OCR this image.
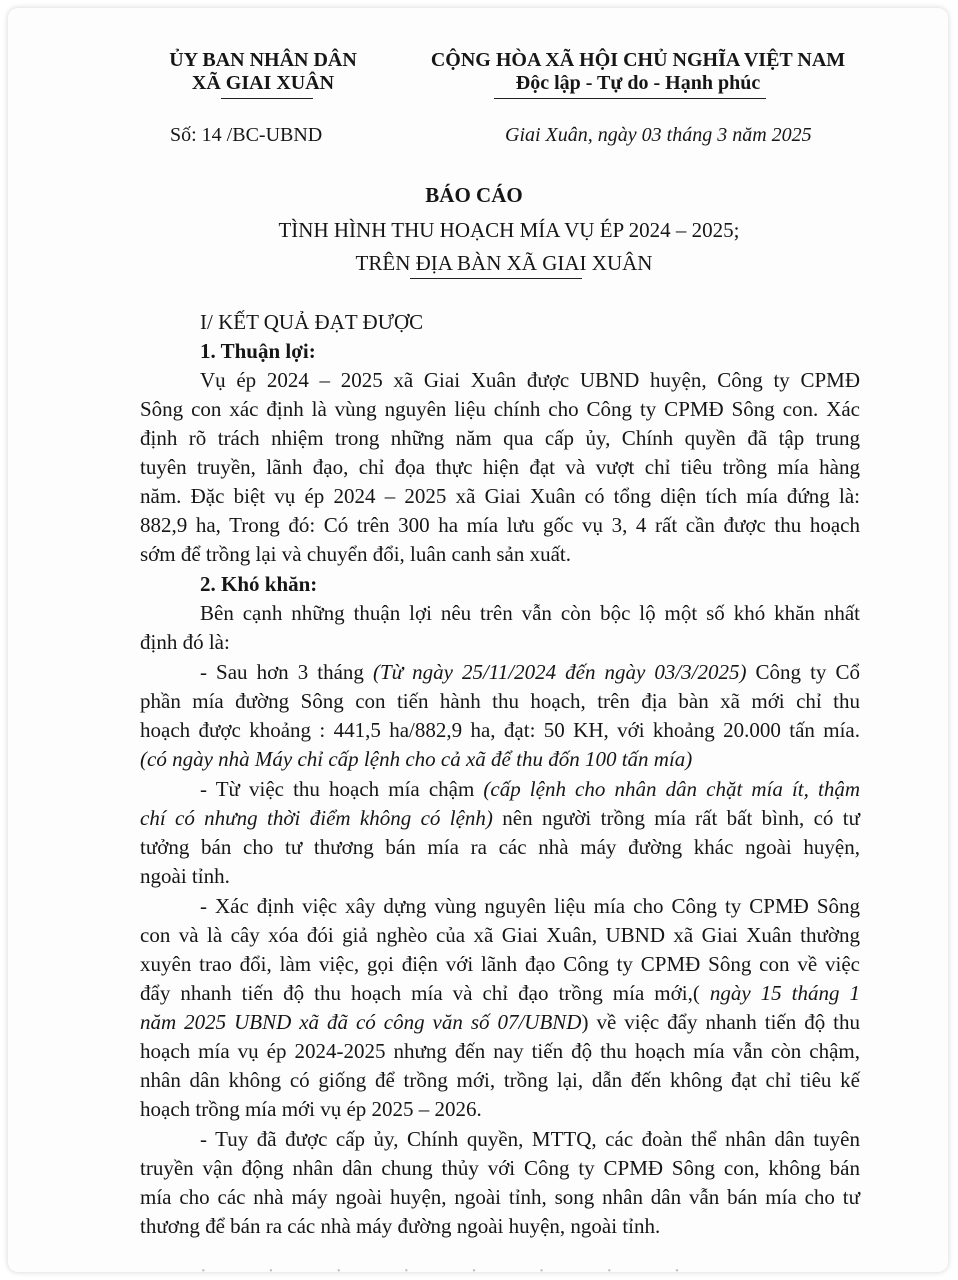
ỦY BAN NHÂN DÂN
XÃ GIAI XUÂN
CỘNG HÒA XÃ HỘI CHỦ NGHĨA VIỆT NAM
Độc lập - Tự do - Hạnh phúc
Số: 14 /BC-UBND	Giai Xuân, ngày 03 tháng 3 năm 2025
BÁO CÁO
TÌNH HÌNH THU HOẠCH MÍA VỤ ÉP 2024 – 2025;
TRÊN ĐỊA BÀN XÃ GIAI XUÂN
I/ KẾT QUẢ ĐẠT ĐƯỢC
1. Thuận lợi:
Vụ ép 2024 – 2025 xã Giai Xuân được UBND huyện, Công ty CPMĐ
Sông con xác định là vùng nguyên liệu chính cho Công ty CPMĐ Sông con. Xác
định rõ trách nhiệm trong những năm qua cấp ủy, Chính quyền đã tập trung
tuyên truyền, lãnh đạo, chỉ đọa thực hiện đạt và vượt chỉ tiêu trồng mía hàng
năm. Đặc biệt vụ ép 2024 – 2025 xã Giai Xuân có tổng diện tích mía đứng là:
882,9 ha, Trong đó: Có trên 300 ha mía lưu gốc vụ 3, 4 rất cần được thu hoạch
sớm để trồng lại và chuyển đổi, luân canh sản xuất.
2. Khó khăn:
Bên cạnh những thuận lợi nêu trên vẫn còn bộc lộ một số khó khăn nhất
định đó là:
- Sau hơn 3 tháng (Từ ngày 25/11/2024 đến ngày 03/3/2025) Công ty Cổ
phần mía đường Sông con tiến hành thu hoạch, trên địa bàn xã mới chỉ thu
hoạch được khoảng : 441,5 ha/882,9 ha, đạt: 50 KH, với khoảng 20.000 tấn mía.
(có ngày nhà Máy chỉ cấp lệnh cho cả xã để thu đốn 100 tấn mía)
- Từ việc thu hoạch mía chậm (cấp lệnh cho nhân dân chặt mía ít, thậm
chí có nhưng thời điểm không có lệnh) nên người trồng mía rất bất bình, có tư
tưởng bán cho tư thương bán mía ra các nhà máy đường khác ngoài huyện,
ngoài tỉnh.
- Xác định việc xây dựng vùng nguyên liệu mía cho Công ty CPMĐ Sông
con và là cây xóa đói giả nghèo của xã Giai Xuân, UBND xã Giai Xuân thường
xuyên trao đổi, làm việc, gọi điện với lãnh đạo Công ty CPMĐ Sông con về việc
đẩy nhanh tiến độ thu hoạch mía và chỉ đạo trồng mía mới,( ngày 15 tháng 1
năm 2025 UBND xã đã có công văn số 07/UBND) về việc đẩy nhanh tiến độ thu
hoạch mía vụ ép 2024-2025 nhưng đến nay tiến độ thu hoạch mía vẫn còn chậm,
nhân dân không có giống để trồng mới, trồng lại, dẫn đến không đạt chỉ tiêu kế
hoạch trồng mía mới vụ ép 2025 – 2026.
- Tuy đã được cấp ủy, Chính quyền, MTTQ, các đoàn thể nhân dân tuyên
truyền vận động nhân dân chung thủy với Công ty CPMĐ Sông con, không bán
mía cho các nhà máy ngoài huyện, ngoài tỉnh, song nhân dân vẫn bán mía cho tư
thương để bán ra các nhà máy đường ngoài huyện, ngoài tỉnh.
· · · · · · · ·
